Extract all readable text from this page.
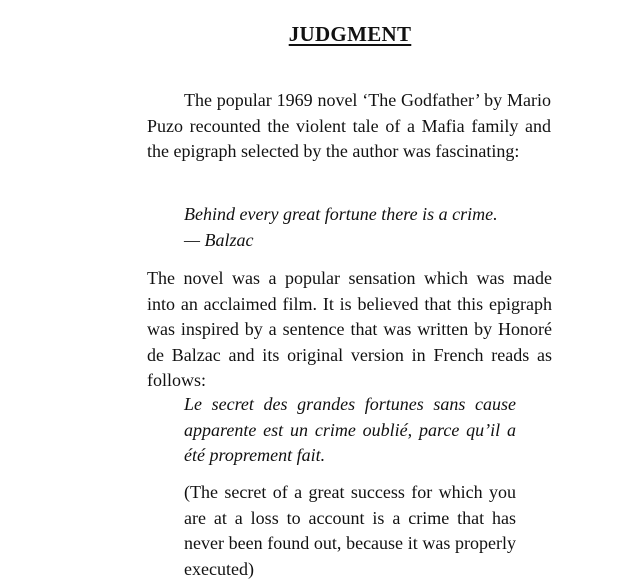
JUDGMENT

The popular 1969 novel ‘The Godfather’ by Mario Puzo recounted the violent tale of a Mafia family and the epigraph selected by the author was fascinating:

Behind every great fortune there is a crime.
— Balzac

The novel was a popular sensation which was made into an acclaimed film. It is believed that this epigraph was inspired by a sentence that was written by Honoré de Balzac and its original version in French reads as follows:

Le secret des grandes fortunes sans cause apparente est un crime oublié, parce qu’il a été proprement fait.

(The secret of a great success for which you are at a loss to account is a crime that has never been found out, because it was properly executed)
